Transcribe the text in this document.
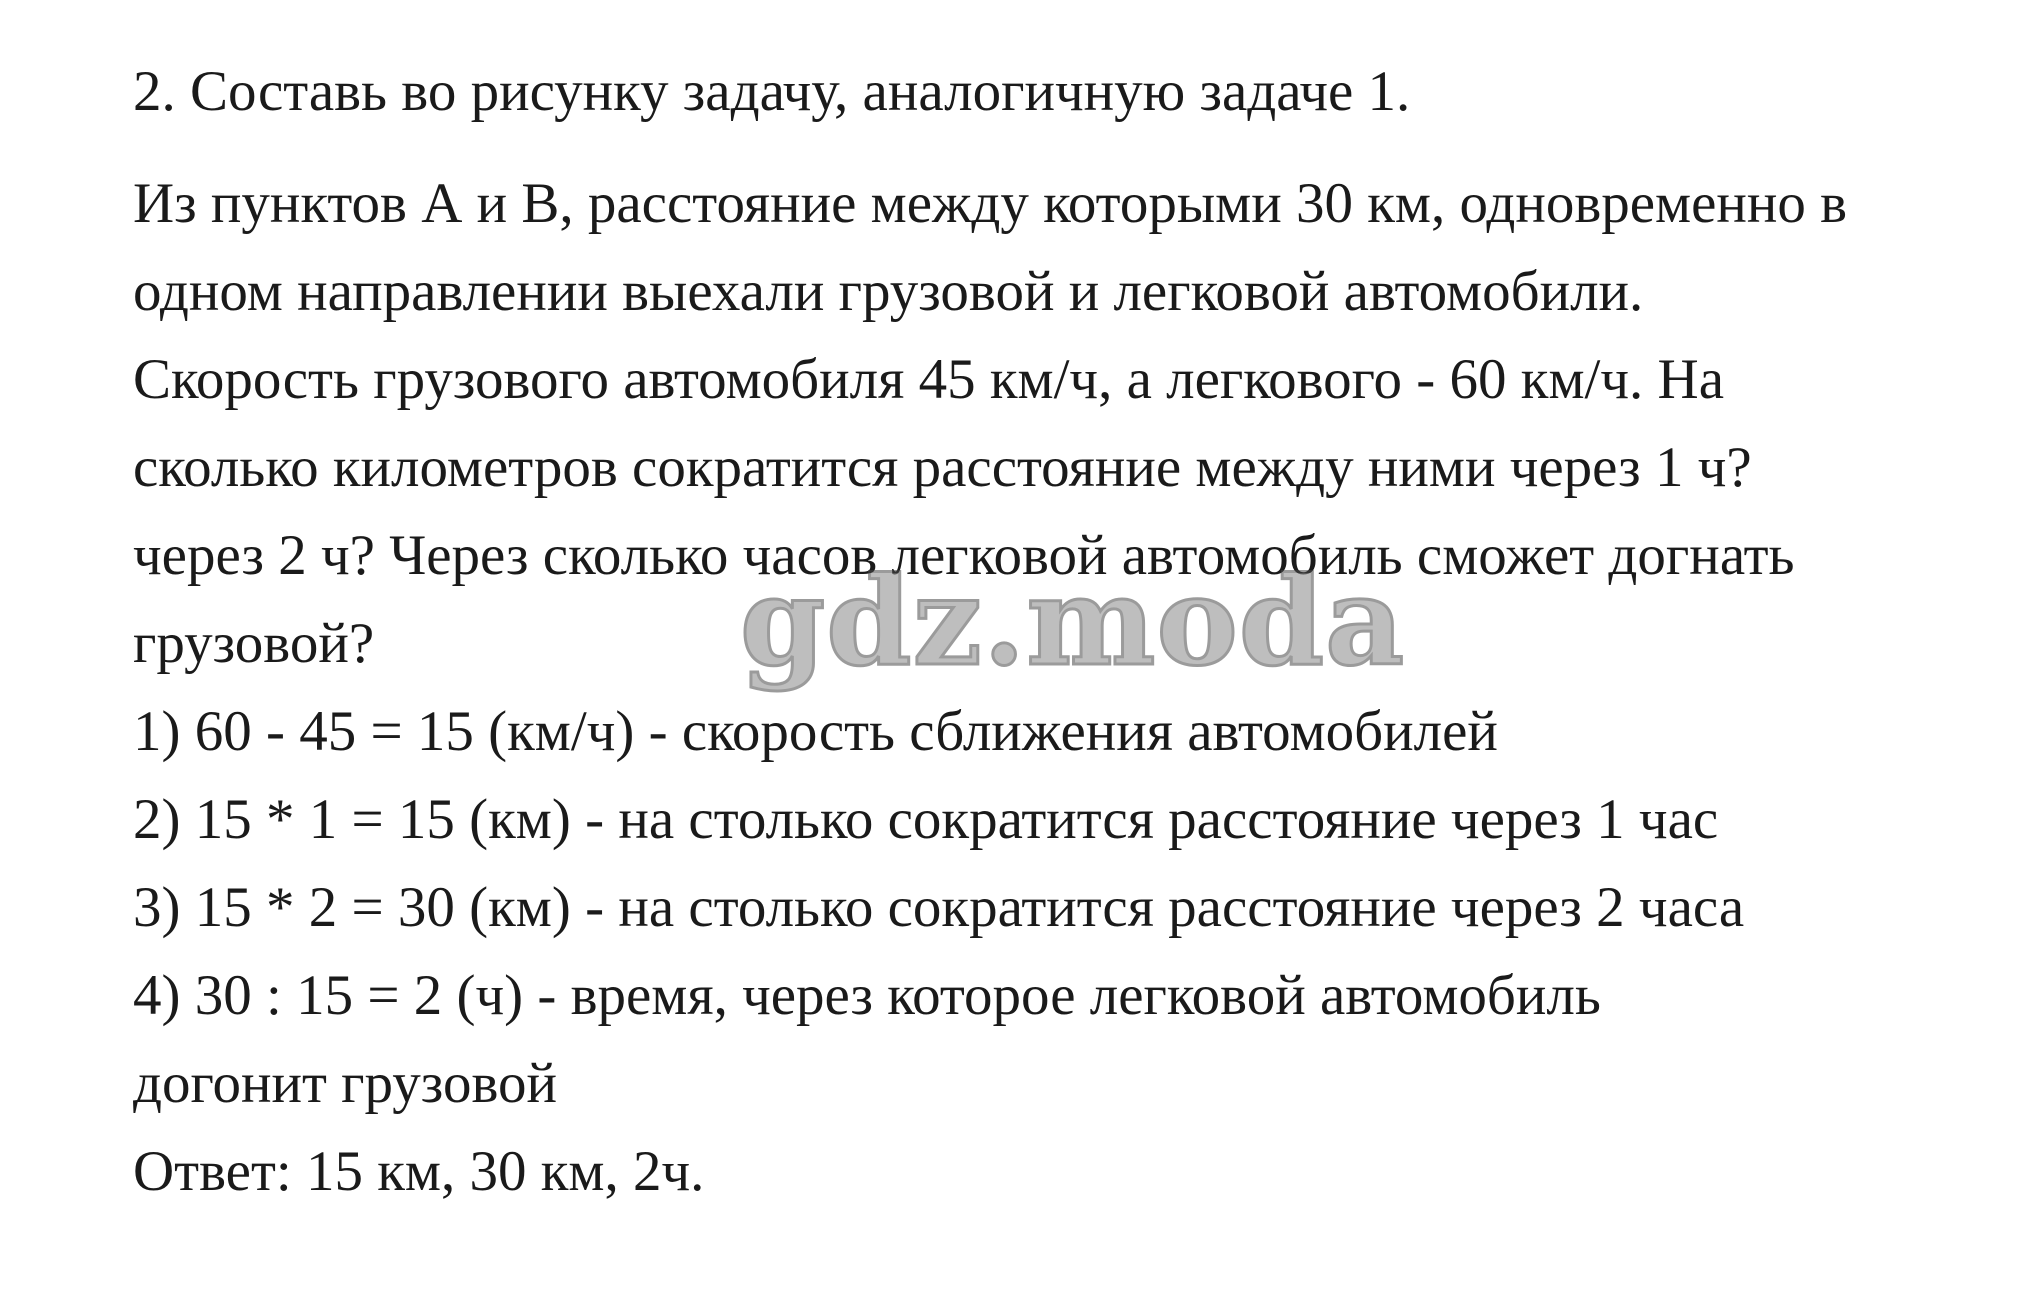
2. Составь во рисунку задачу, аналогичную задаче 1.
Из пунктов А и В, расстояние между которыми 30 км, одновременно в
одном направлении выехали грузовой и легковой автомобили.
Скорость грузового автомобиля 45 км/ч, а легкового - 60 км/ч. На
сколько километров сократится расстояние между ними через 1 ч?
через 2 ч? Через сколько часов легковой автомобиль сможет догнать
грузовой?
1) 60 - 45 = 15 (км/ч) - скорость сближения автомобилей
2) 15 * 1 = 15 (км) - на столько сократится расстояние через 1 час
3) 15 * 2 = 30 (км) - на столько сократится расстояние через 2 часа
4) 30 : 15 = 2 (ч) - время, через которое легковой автомобиль
догонит грузовой
Ответ: 15 км, 30 км, 2ч.
gdz.moda
